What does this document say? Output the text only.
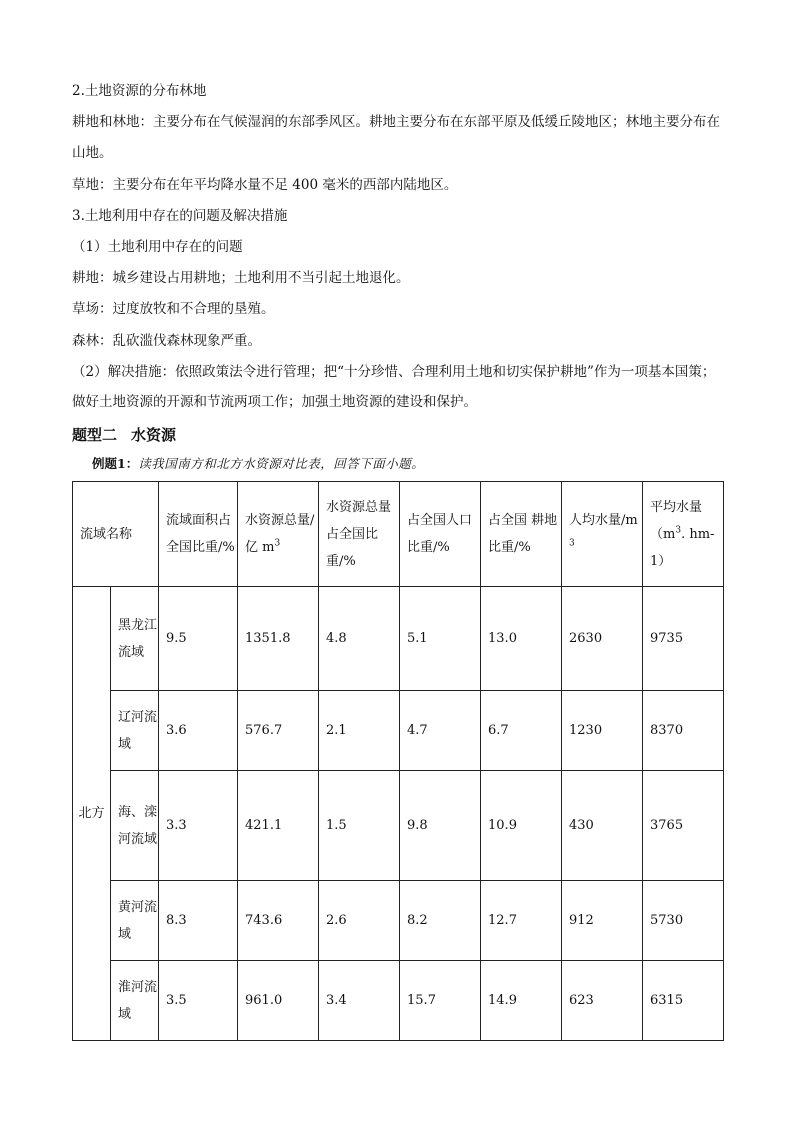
2.土地资源的分布林地

耕地和林地：主要分布在气候湿润的东部季风区。耕地主要分布在东部平原及低缓丘陵地区；林地主要分布在山地。

草地：主要分布在年平均降水量不足 400 毫米的西部内陆地区。

3.土地利用中存在的问题及解决措施

（1）土地利用中存在的问题

耕地：城乡建设占用耕地；土地利用不当引起土地退化。

草场：过度放牧和不合理的垦殖。

森林：乱砍滥伐森林现象严重。

（2）解决措施：依照政策法令进行管理；把“十分珍惜、合理利用土地和切实保护耕地”作为一项基本国策；做好土地资源的开源和节流两项工作；加强土地资源的建设和保护。

题型二 水资源

例题1：读我国南方和北方水资源对比表，回答下面小题。

流域名称		流域面积占全国比重/%	水资源总量/亿 $m^3$	水资源总量占全国比重/%	占全国人口比重/%	占全国 耕地比重/%	人均水量$/m^3$	平均水量（$m^3$. hm-1）
北方	黑龙江流域	9.5	1351.8	4.8	5.1	13.0	2630	9735
	辽河流域	3.6	576.7	2.1	4.7	6.7	1230	8370
	海、滦河流域	3.3	421.1	1.5	9.8	10.9	430	3765
	黄河流域	8.3	743.6	2.6	8.2	12.7	912	5730
	淮河流域	3.5	961.0	3.4	15.7	14.9	623	6315
